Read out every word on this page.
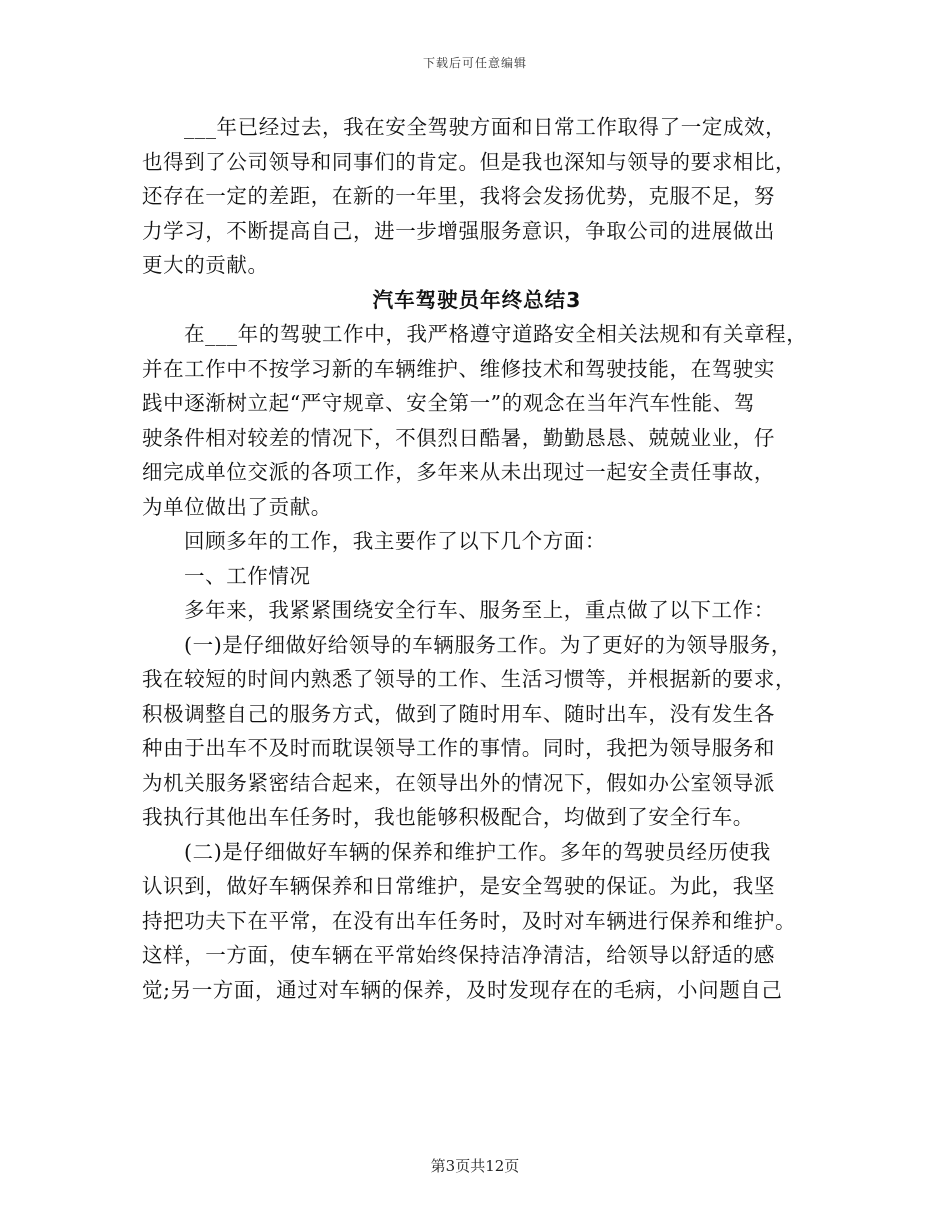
下载后可任意编辑
___年已经过去，我在安全驾驶方面和日常工作取得了一定成效，
也得到了公司领导和同事们的肯定。但是我也深知与领导的要求相比，
还存在一定的差距，在新的一年里，我将会发扬优势，克服不足，努
力学习，不断提高自己，进一步增强服务意识，争取公司的进展做出
更大的贡献。
汽车驾驶员年终总结3
在___年的驾驶工作中，我严格遵守道路安全相关法规和有关章程，
并在工作中不按学习新的车辆维护、维修技术和驾驶技能，在驾驶实
践中逐渐树立起“严守规章、安全第一”的观念在当年汽车性能、驾
驶条件相对较差的情况下，不俱烈日酷暑，勤勤恳恳、兢兢业业，仔
细完成单位交派的各项工作，多年来从未出现过一起安全责任事故，
为单位做出了贡献。
回顾多年的工作，我主要作了以下几个方面：
一、工作情况
多年来，我紧紧围绕安全行车、服务至上，重点做了以下工作：
(一)是仔细做好给领导的车辆服务工作。为了更好的为领导服务，
我在较短的时间内熟悉了领导的工作、生活习惯等，并根据新的要求，
积极调整自己的服务方式，做到了随时用车、随时出车，没有发生各
种由于出车不及时而耽误领导工作的事情。同时，我把为领导服务和
为机关服务紧密结合起来，在领导出外的情况下，假如办公室领导派
我执行其他出车任务时，我也能够积极配合，均做到了安全行车。
(二)是仔细做好车辆的保养和维护工作。多年的驾驶员经历使我
认识到，做好车辆保养和日常维护，是安全驾驶的保证。为此，我坚
持把功夫下在平常，在没有出车任务时，及时对车辆进行保养和维护。
这样，一方面，使车辆在平常始终保持洁净清洁，给领导以舒适的感
觉;另一方面，通过对车辆的保养，及时发现存在的毛病，小问题自己
第3页共12页
